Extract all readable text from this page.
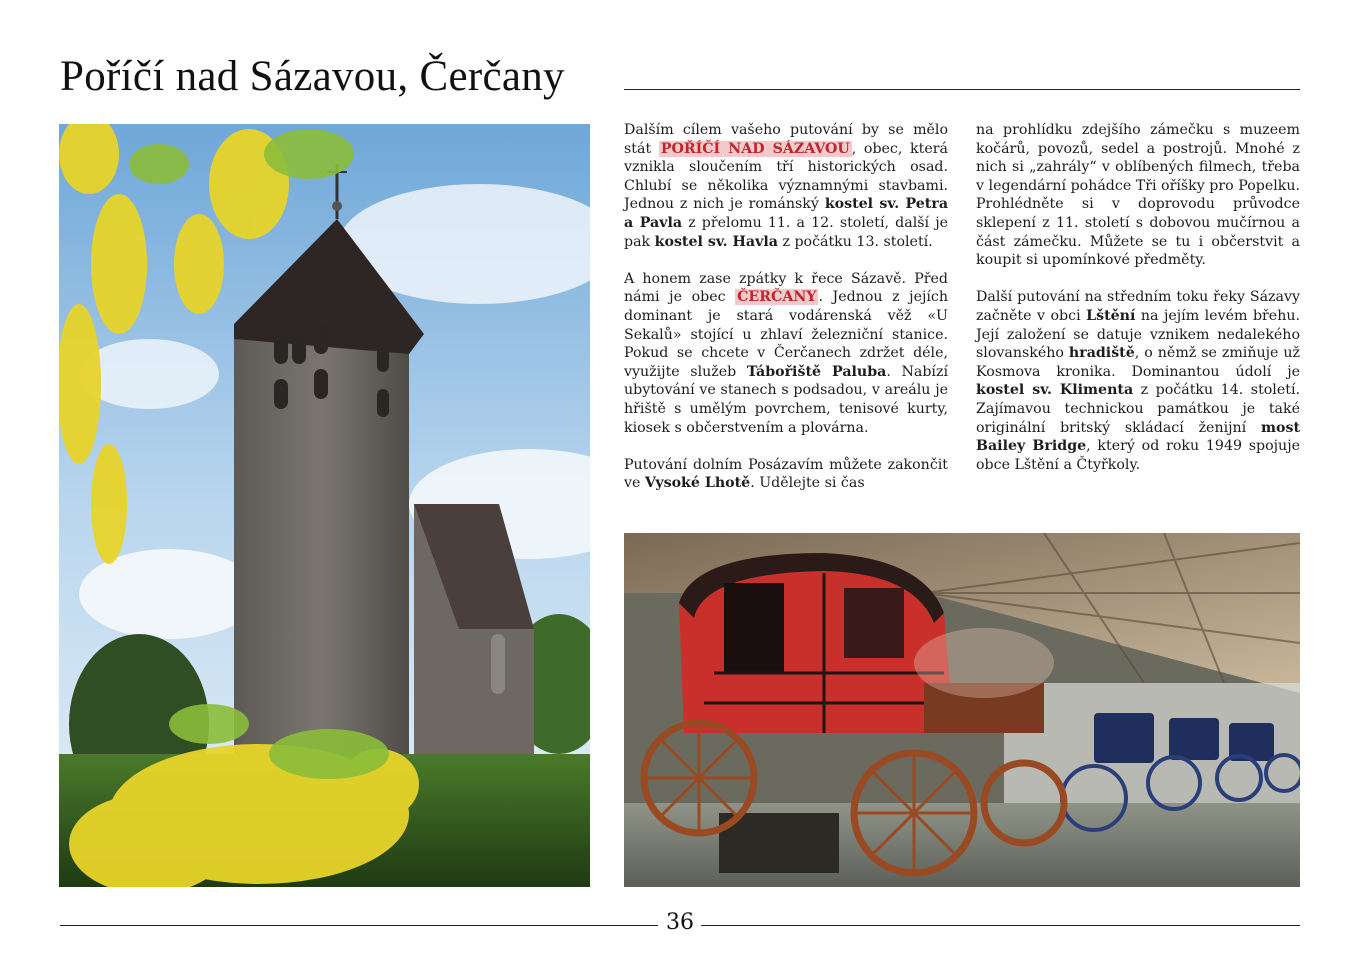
Poříčí nad Sázavou, Čerčany

Dalším cílem vašeho putování by se mělo stát POŘÍČÍ NAD SÁZAVOU , obec, která vznikla sloučením tří historických osad. Chlubí se několika významnými stavbami. Jednou z nich je románský kostel sv. Petra a Pavla z přelomu 11. a 12. století, další je pak kostel sv. Havla z počátku 13. století.

A honem zase zpátky k řece Sázavě. Před námi je obec ČERČANY . Jednou z jejích dominant je stará vodárenská věž «U Sekalů» stojící u zhlaví železniční stanice. Pokud se chcete v Čerčanech zdržet déle, využijte služeb Tábořiště Paluba. Nabízí ubytování ve stanech s podsadou, v areálu je hřiště s umělým povrchem, tenisové kurty, kiosek s občerstvením a plovárna.

Putování dolním Posázavím můžete zakončit ve Vysoké Lhotě. Udělejte si čas

na prohlídku zdejšího zámečku s muzeem kočárů, povozů, sedel a postrojů. Mnohé z nich si „zahrály“ v oblíbených filmech, třeba v legendární pohádce Tři oříšky pro Popelku. Prohlédněte si v doprovodu průvodce sklepení z 11. století s dobovou mučírnou a část zámečku. Můžete se tu i občerstvit a koupit si upomínkové předměty.

Další putování na středním toku řeky Sázavy začněte v obci Lštění na jejím levém břehu. Její založení se datuje vznikem nedalekého slovanského hradiště, o němž se zmiňuje už Kosmova kronika. Dominantou údolí je kostel sv. Klimenta z počátku 14. století. Zajímavou technickou památkou je také originální britský skládací ženijní most Bailey Bridge, který od roku 1949 spojuje obce Lštění a Čtyřkoly.

36
